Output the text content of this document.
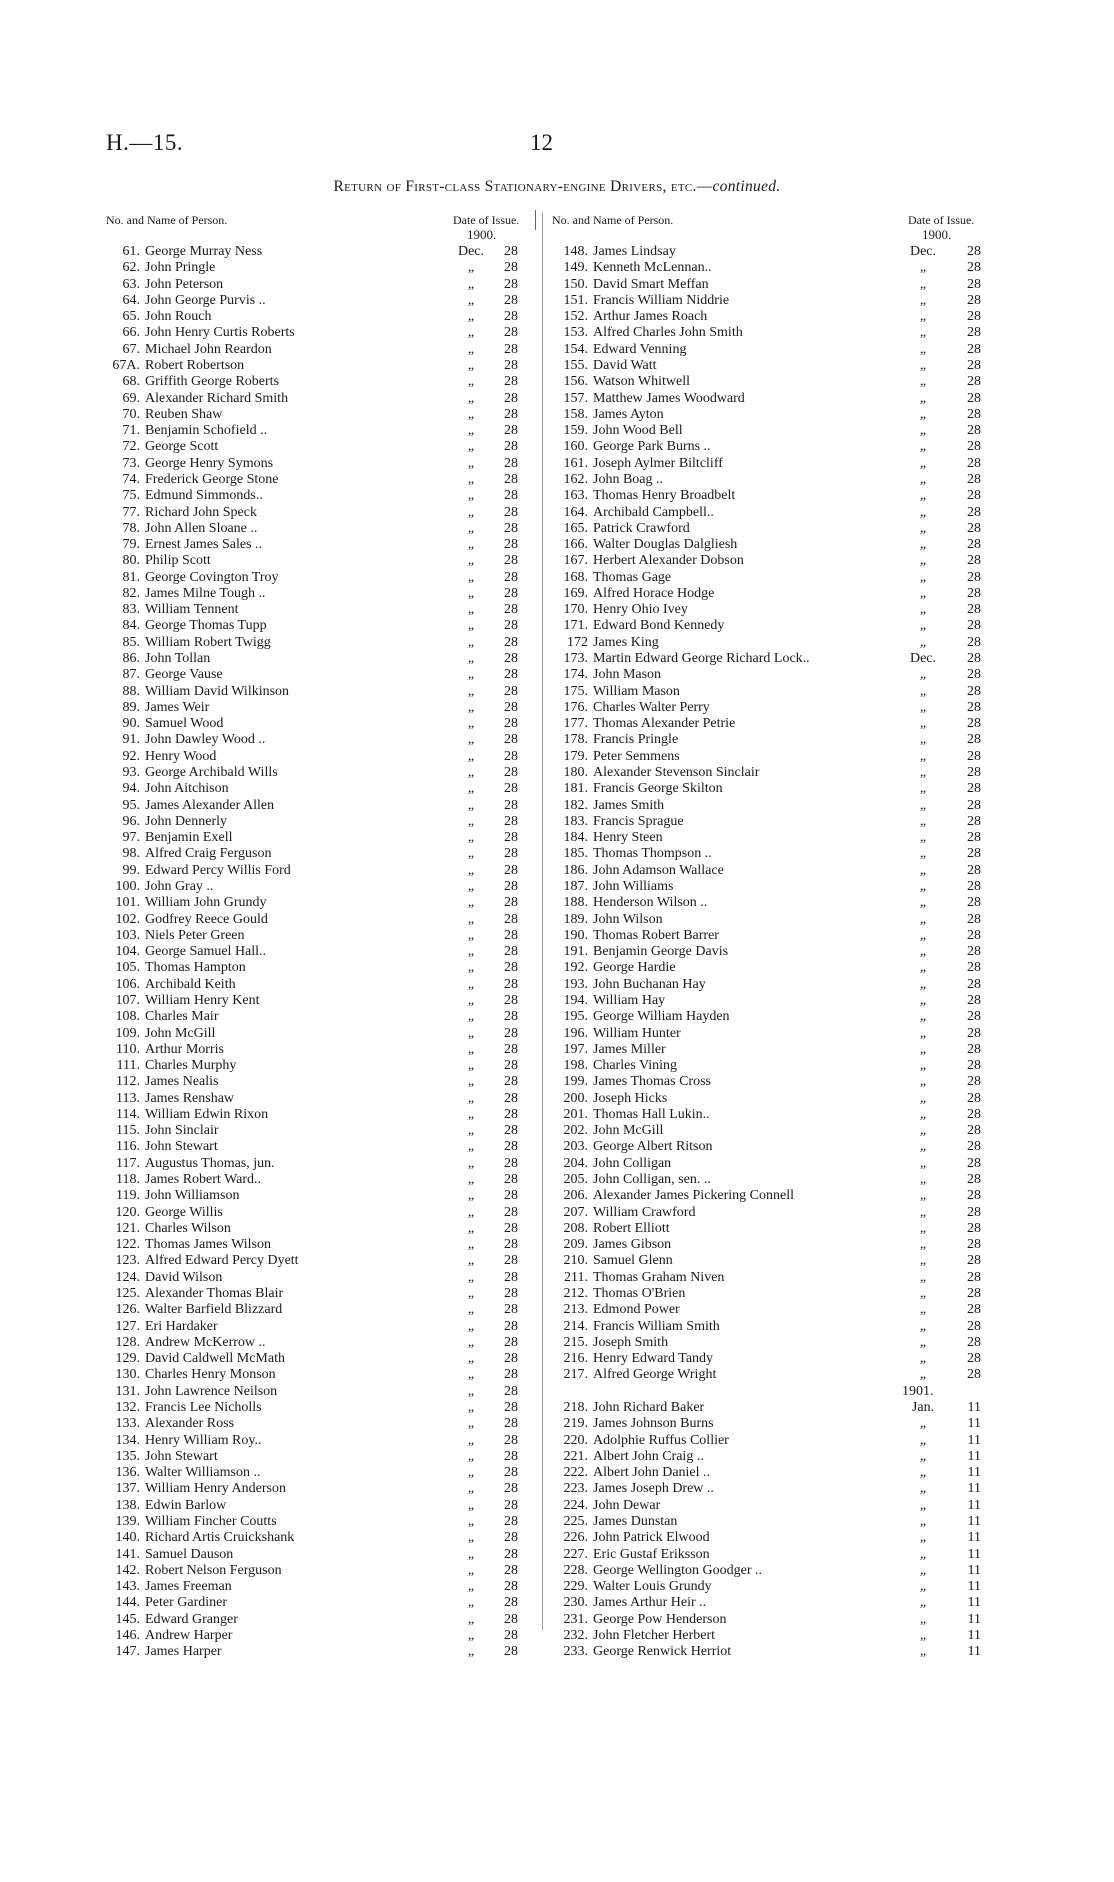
H.—15.	12
Return of First-class Stationary-engine Drivers, etc.—continued.
No. and Name of Person.	Date of Issue.
1900.
No. and Name of Person.	Date of Issue.
1900.
61. George Murray Ness	Dec.	28
62. John Pringle	„	28
63. John Peterson	„	28
64. John George Purvis ..	„	28
65. John Rouch	„	28
66. John Henry Curtis Roberts	„	28
67. Michael John Reardon	„	28
67A. Robert Robertson	„	28
68. Griffith George Roberts	„	28
69. Alexander Richard Smith	„	28
70. Reuben Shaw	„	28
71. Benjamin Schofield ..	„	28
72. George Scott	„	28
73. George Henry Symons	„	28
74. Frederick George Stone	„	28
75. Edmund Simmonds..	„	28
77. Richard John Speck	„	28
78. John Allen Sloane ..	„	28
79. Ernest James Sales ..	„	28
80. Philip Scott	„	28
81. George Covington Troy	„	28
82. James Milne Tough ..	„	28
83. William Tennent	„	28
84. George Thomas Tupp	„	28
85. William Robert Twigg	„	28
86. John Tollan	„	28
87. George Vause	„	28
88. William David Wilkinson	„	28
89. James Weir	„	28
90. Samuel Wood	„	28
91. John Dawley Wood ..	„	28
92. Henry Wood	„	28
93. George Archibald Wills	„	28
94. John Aitchison	„	28
95. James Alexander Allen	„	28
96. John Dennerly	„	28
97. Benjamin Exell	„	28
98. Alfred Craig Ferguson	„	28
99. Edward Percy Willis Ford	„	28
100. John Gray ..	„	28
101. William John Grundy	„	28
102. Godfrey Reece Gould	„	28
103. Niels Peter Green	„	28
104. George Samuel Hall..	„	28
105. Thomas Hampton	„	28
106. Archibald Keith	„	28
107. William Henry Kent	„	28
108. Charles Mair	„	28
109. John McGill	„	28
110. Arthur Morris	„	28
111. Charles Murphy	„	28
112. James Nealis	„	28
113. James Renshaw	„	28
114. William Edwin Rixon	„	28
115. John Sinclair	„	28
116. John Stewart	„	28
117. Augustus Thomas, jun.	„	28
118. James Robert Ward..	„	28
119. John Williamson	„	28
120. George Willis	„	28
121. Charles Wilson	„	28
122. Thomas James Wilson	„	28
123. Alfred Edward Percy Dyett	„	28
124. David Wilson	„	28
125. Alexander Thomas Blair	„	28
126. Walter Barfield Blizzard	„	28
127. Eri Hardaker	„	28
128. Andrew McKerrow ..	„	28
129. David Caldwell McMath	„	28
130. Charles Henry Monson	„	28
131. John Lawrence Neilson	„	28
132. Francis Lee Nicholls	„	28
133. Alexander Ross	„	28
134. Henry William Roy..	„	28
135. John Stewart	„	28
136. Walter Williamson ..	„	28
137. William Henry Anderson	„	28
138. Edwin Barlow	„	28
139. William Fincher Coutts	„	28
140. Richard Artis Cruickshank	„	28
141. Samuel Dauson	„	28
142. Robert Nelson Ferguson	„	28
143. James Freeman	„	28
144. Peter Gardiner	„	28
145. Edward Granger	„	28
146. Andrew Harper	„	28
147. James Harper	„	28
148. James Lindsay	Dec.	28
149. Kenneth McLennan..	„	28
150. David Smart Meffan	„	28
151. Francis William Niddrie	„	28
152. Arthur James Roach	„	28
153. Alfred Charles John Smith	„	28
154. Edward Venning	„	28
155. David Watt	„	28
156. Watson Whitwell	„	28
157. Matthew James Woodward	„	28
158. James Ayton	„	28
159. John Wood Bell	„	28
160. George Park Burns ..	„	28
161. Joseph Aylmer Biltcliff	„	28
162. John Boag ..	„	28
163. Thomas Henry Broadbelt	„	28
164. Archibald Campbell..	„	28
165. Patrick Crawford	„	28
166. Walter Douglas Dalgliesh	„	28
167. Herbert Alexander Dobson	„	28
168. Thomas Gage	„	28
169. Alfred Horace Hodge	„	28
170. Henry Ohio Ivey	„	28
171. Edward Bond Kennedy	„	28
172 James King	„	28
173. Martin Edward George Richard Lock..	Dec.	28
174. John Mason	„	28
175. William Mason	„	28
176. Charles Walter Perry	„	28
177. Thomas Alexander Petrie	„	28
178. Francis Pringle	„	28
179. Peter Semmens	„	28
180. Alexander Stevenson Sinclair	„	28
181. Francis George Skilton	„	28
182. James Smith	„	28
183. Francis Sprague	„	28
184. Henry Steen	„	28
185. Thomas Thompson ..	„	28
186. John Adamson Wallace	„	28
187. John Williams	„	28
188. Henderson Wilson ..	„	28
189. John Wilson	„	28
190. Thomas Robert Barrer	„	28
191. Benjamin George Davis	„	28
192. George Hardie	„	28
193. John Buchanan Hay	„	28
194. William Hay	„	28
195. George William Hayden	„	28
196. William Hunter	„	28
197. James Miller	„	28
198. Charles Vining	„	28
199. James Thomas Cross	„	28
200. Joseph Hicks	„	28
201. Thomas Hall Lukin..	„	28
202. John McGill	„	28
203. George Albert Ritson	„	28
204. John Colligan	„	28
205. John Colligan, sen. ..	„	28
206. Alexander James Pickering Connell	„	28
207. William Crawford	„	28
208. Robert Elliott	„	28
209. James Gibson	„	28
210. Samuel Glenn	„	28
211. Thomas Graham Niven	„	28
212. Thomas O'Brien	„	28
213. Edmond Power	„	28
214. Francis William Smith	„	28
215. Joseph Smith	„	28
216. Henry Edward Tandy	„	28
217. Alfred George Wright	„	28
1901.
218. John Richard Baker	Jan.	11
219. James Johnson Burns	„	11
220. Adolphie Ruffus Collier	„	11
221. Albert John Craig ..	„	11
222. Albert John Daniel ..	„	11
223. James Joseph Drew ..	„	11
224. John Dewar	„	11
225. James Dunstan	„	11
226. John Patrick Elwood	„	11
227. Eric Gustaf Eriksson	„	11
228. George Wellington Goodger ..	„	11
229. Walter Louis Grundy	„	11
230. James Arthur Heir ..	„	11
231. George Pow Henderson	„	11
232. John Fletcher Herbert	„	11
233. George Renwick Herriot	„	11
